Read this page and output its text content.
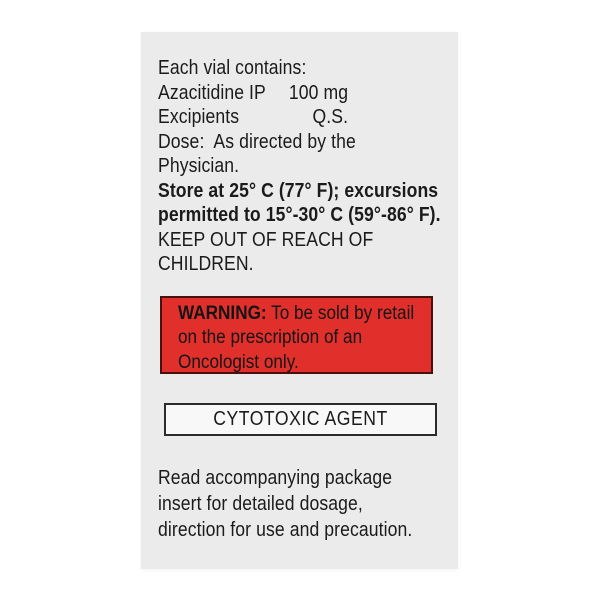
Each vial contains:
Azacitidine IP 100 mg
Excipients	Q.S.
Dose:  As directed by the
Physician.
Store at 25° C (77° F); excursions
permitted to 15°-30° C (59°-86° F).
KEEP OUT OF REACH OF
CHILDREN.
WARNING: To be sold by retail
on the prescription of an
Oncologist only.
CYTOTOXIC AGENT
Read accompanying package
insert for detailed dosage,
direction for use and precaution.
